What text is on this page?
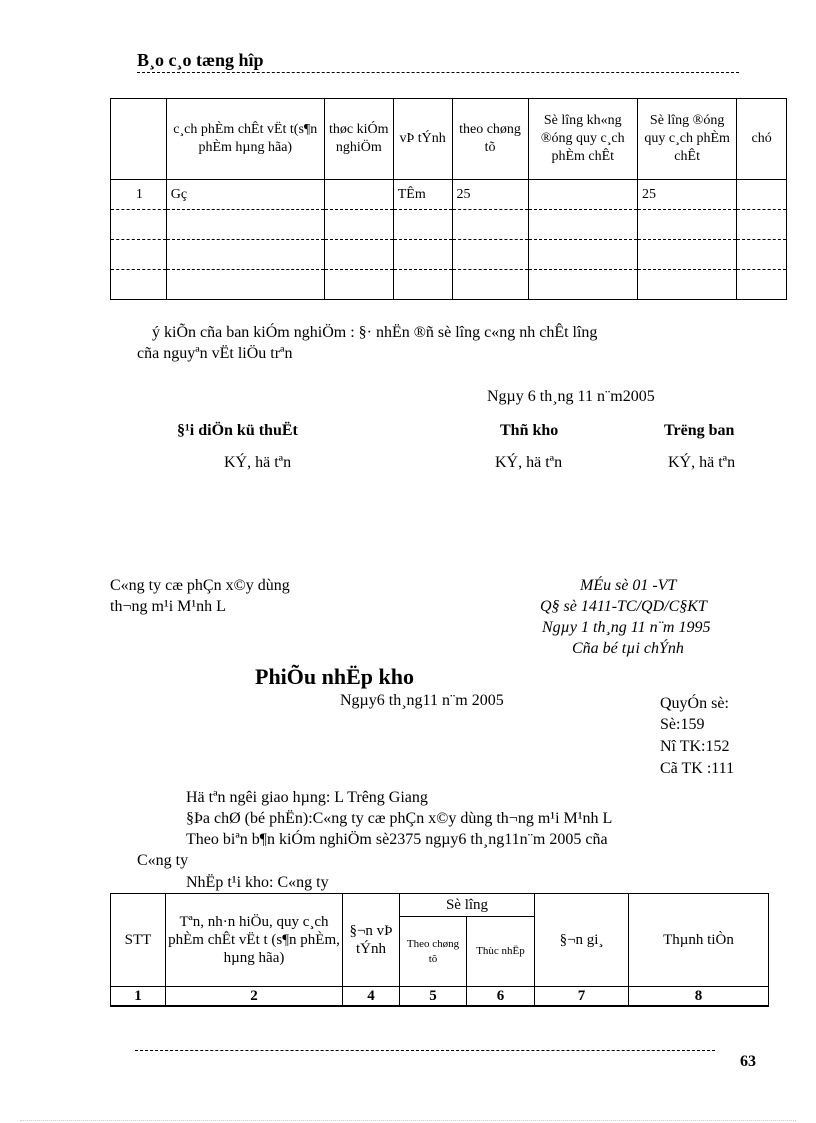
B¸o c¸o tæng hîp
	c¸ch phÈm chÊt vËt t(s¶n phÈm hµng hãa)	thøc kiÓm nghiÖm	vÞ tÝnh	theo chøng tõ	Sè lîng kh«ng ®óng quy c¸ch phÈm chÊt	Sè lîng ®óng quy c¸ch phÈm chÊt	chó
1	Gç		TÊm	25		25	

ý kiÕn cña ban kiÓm nghiÖm : §· nhËn ®ñ sè lîng c«ng nh chÊt lîng
cña nguyªn vËt liÖu trªn
Ngµy 6 th¸ng 11 n¨m2005
§¹i diÖn kü thuËt	Thñ kho	Trëng ban
KÝ, hä tªn	KÝ, hä tªn	KÝ, hä tªn
C«ng ty cæ phÇn x©y dùng
th¬ng m¹i M¹nh L
MÉu sè 01 -VT
Q§ sè 1411-TC/QD/C§KT
Ngµy 1 th¸ng 11 n¨m 1995
Cña bé tµi chÝnh
PhiÕu nhËp kho
Ngµy6 th¸ng11 n¨m 2005	QuyÓn sè:
Sè:159
Nî TK:152
Cã TK :111
Hä tªn ngêi giao hµng: L Trêng Giang
§Þa chØ (bé phËn):C«ng ty cæ phÇn x©y dùng th¬ng m¹i M¹nh L
Theo biªn b¶n kiÓm nghiÖm sè2375 ngµy6 th¸ng11n¨m 2005 cña
C«ng ty
NhËp t¹i kho: C«ng ty
STT	Tªn, nh·n hiÖu, quy c¸ch phÈm chÊt vËt t (s¶n phÈm, hµng hãa)	§¬n vÞ tÝnh	Sè lîng		§¬n gi¸	Thµnh tiÒn
			Theo chøng tõ	Thùc nhËp		
1	2	4	5	6	7	8
63
